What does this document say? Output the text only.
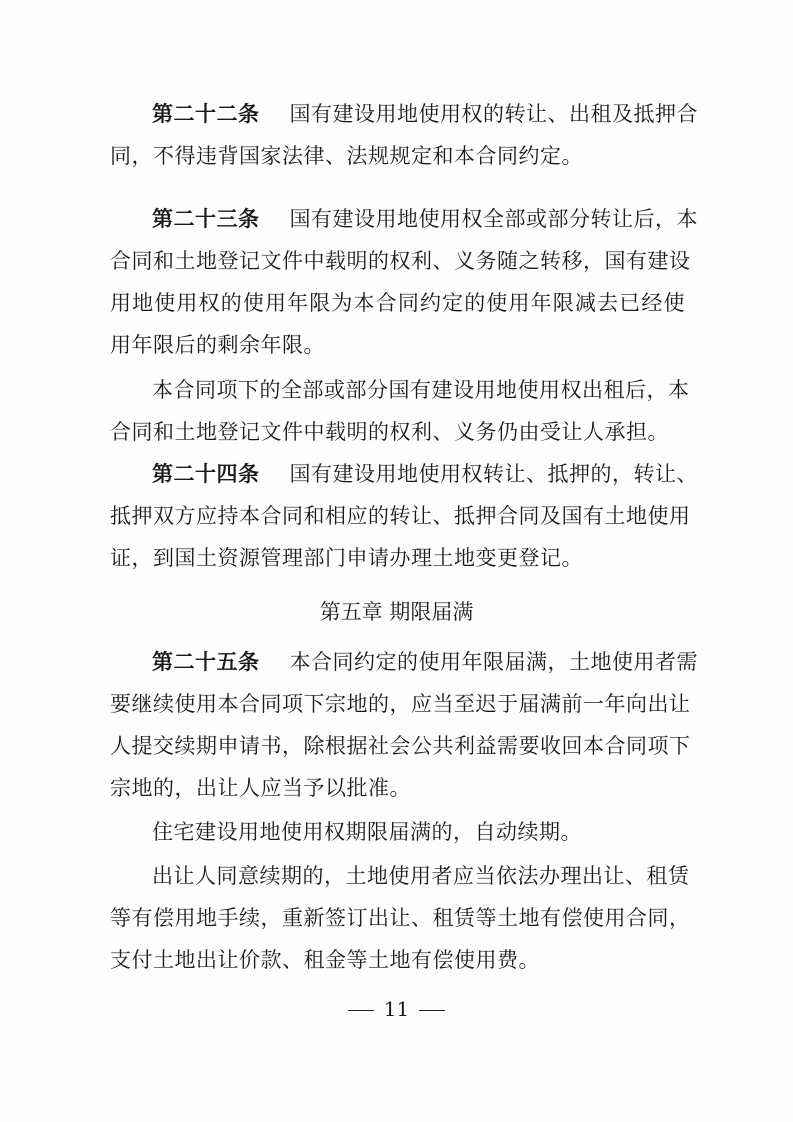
第二十二条 国有建设用地使用权的转让、出租及抵押合
同，不得违背国家法律、法规规定和本合同约定。
第二十三条 国有建设用地使用权全部或部分转让后，本
合同和土地登记文件中载明的权利、义务随之转移，国有建设
用地使用权的使用年限为本合同约定的使用年限减去已经使
用年限后的剩余年限。
本合同项下的全部或部分国有建设用地使用权出租后，本
合同和土地登记文件中载明的权利、义务仍由受让人承担。
第二十四条 国有建设用地使用权转让、抵押的，转让、
抵押双方应持本合同和相应的转让、抵押合同及国有土地使用
证，到国土资源管理部门申请办理土地变更登记。
第五章 期限届满
第二十五条 本合同约定的使用年限届满，土地使用者需
要继续使用本合同项下宗地的，应当至迟于届满前一年向出让
人提交续期申请书，除根据社会公共利益需要收回本合同项下
宗地的，出让人应当予以批准。
住宅建设用地使用权期限届满的，自动续期。
出让人同意续期的，土地使用者应当依法办理出让、租赁
等有偿用地手续，重新签订出让、租赁等土地有偿使用合同，
支付土地出让价款、租金等土地有偿使用费。
11
